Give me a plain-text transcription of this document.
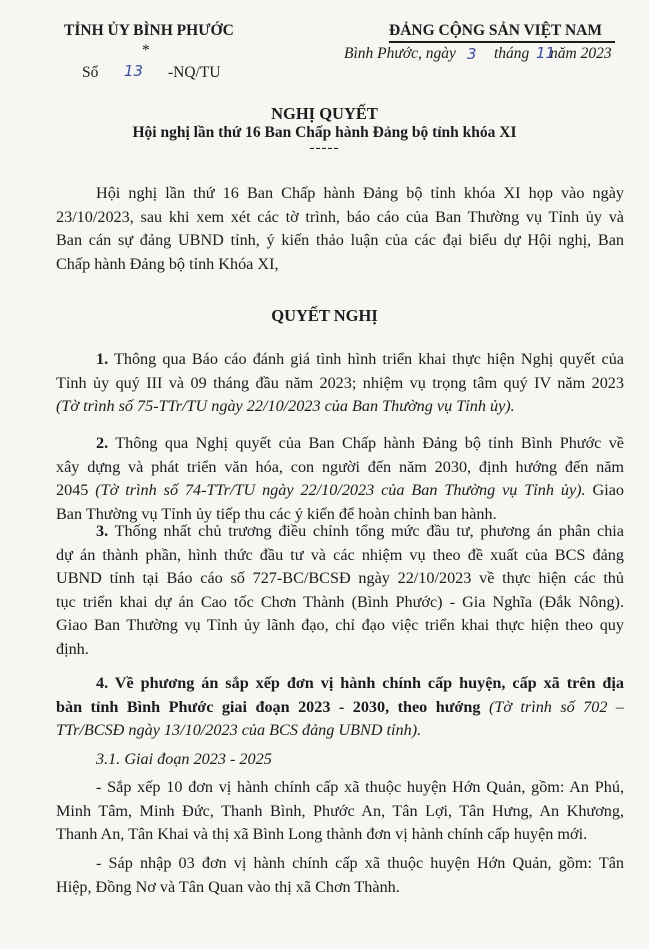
TỈNH ỦY BÌNH PHƯỚC
*
Số 13 -NQ/TU
ĐẢNG CỘNG SẢN VIỆT NAM
Bình Phước, ngày 3 tháng 11
năm 2023
NGHỊ QUYẾT
Hội nghị lần thứ 16 Ban Chấp hành Đảng bộ tỉnh khóa XI
-----
Hội nghị lần thứ 16 Ban Chấp hành Đảng bộ tỉnh khóa XI họp vào ngày
23/10/2023, sau khi xem xét các tờ trình, báo cáo của Ban Thường vụ Tỉnh ủy và
Ban cán sự đảng UBND tỉnh, ý kiến thảo luận của các đại biểu dự Hội nghị, Ban
Chấp hành Đảng bộ tỉnh Khóa XI,
QUYẾT NGHỊ
1. Thông qua Báo cáo đánh giá tình hình triển khai thực hiện Nghị quyết của
Tỉnh ủy quý III và 09 tháng đầu năm 2023; nhiệm vụ trọng tâm quý IV năm 2023
(Tờ trình số 75-TTr/TU ngày 22/10/2023 của Ban Thường vụ Tỉnh ủy).
2. Thông qua Nghị quyết của Ban Chấp hành Đảng bộ tỉnh Bình Phước về
xây dựng và phát triển văn hóa, con người đến năm 2030, định hướng đến năm
2045 (Tờ trình số 74-TTr/TU ngày 22/10/2023 của Ban Thường vụ Tỉnh ủy). Giao
Ban Thường vụ Tỉnh ủy tiếp thu các ý kiến để hoàn chỉnh ban hành.
3. Thống nhất chủ trương điều chỉnh tổng mức đầu tư, phương án phân chia
dự án thành phần, hình thức đầu tư và các nhiệm vụ theo đề xuất của BCS đảng
UBND tỉnh tại Báo cáo số 727-BC/BCSĐ ngày 22/10/2023 về thực hiện các thủ
tục triển khai dự án Cao tốc Chơn Thành (Bình Phước) - Gia Nghĩa (Đắk Nông).
Giao Ban Thường vụ Tỉnh ủy lãnh đạo, chỉ đạo việc triển khai thực hiện theo quy
định.
4. Về phương án sắp xếp đơn vị hành chính cấp huyện, cấp xã trên địa
bàn tỉnh Bình Phước giai đoạn 2023 - 2030, theo hướng (Tờ trình số 702 –
TTr/BCSĐ ngày 13/10/2023 của BCS đảng UBND tỉnh).
3.1. Giai đoạn 2023 - 2025
- Sắp xếp 10 đơn vị hành chính cấp xã thuộc huyện Hớn Quản, gồm: An Phú,
Minh Tâm, Minh Đức, Thanh Bình, Phước An, Tân Lợi, Tân Hưng, An Khương,
Thanh An, Tân Khai và thị xã Bình Long thành đơn vị hành chính cấp huyện mới.
- Sáp nhập 03 đơn vị hành chính cấp xã thuộc huyện Hớn Quản, gồm: Tân
Hiệp, Đồng Nơ và Tân Quan vào thị xã Chơn Thành.
